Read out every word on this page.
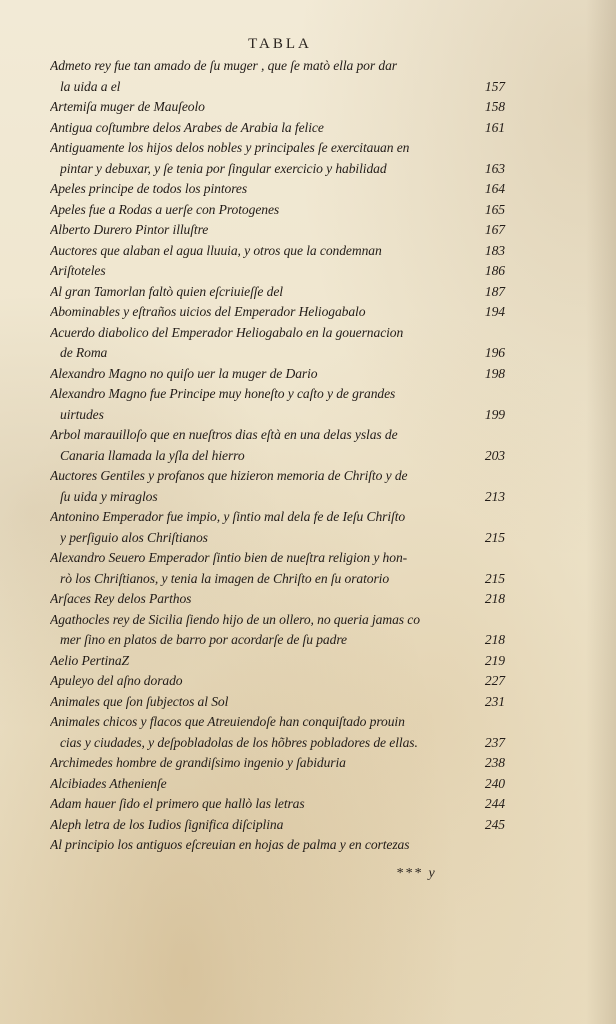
TABLA
Admeto rey fue tan amado de ſu muger , que ſe matò ella por dar
la uida a el	157
Artemiſa muger de Mauſeolo	158
Antigua coſtumbre delos Arabes de Arabia la felice	161
Antiguamente los hijos delos nobles y principales ſe exercitauan en
pintar y debuxar, y ſe tenia por ſingular exercicio y habilidad	163
Apeles principe de todos los pintores	164
Apeles fue a Rodas a uerſe con Protogenes	165
Alberto Durero Pintor illuſtre	167
Auctores que alaban el agua lluuia, y otros que la condemnan	183
Ariſtoteles	186
Al gran Tamorlan faltò quien eſcriuieſſe del	187
Abominables y eſtraños uicios del Emperador Heliogabalo	194
Acuerdo diabolico del Emperador Heliogabalo en la gouernacion
de Roma	196
Alexandro Magno no quiſo uer la muger de Dario	198
Alexandro Magno fue Principe muy honeſto y caſto y de grandes
uirtudes	199
Arbol marauilloſo que en nueſtros dias eſtà en una delas yslas de
Canaria llamada la yſla del hierro	203
Auctores Gentiles y profanos que hizieron memoria de Chriſto y de
ſu uida y miraglos	213
Antonino Emperador fue impio, y ſintio mal dela fe de Ieſu Chriſto
y perſiguio alos Chriſtianos	215
Alexandro Seuero Emperador ſintio bien de nueſtra religion y hon-
rò los Chriſtianos, y tenia la imagen de Chriſto en ſu oratorio	215
Arſaces Rey delos Parthos	218
Agathocles rey de Sicilia ſiendo hijo de un ollero, no queria jamas co
mer ſino en platos de barro por acordarſe de ſu padre	218
Aelio PertinaZ	219
Apuleyo del aſno dorado	227
Animales que ſon ſubjectos al Sol	231
Animales chicos y flacos que Atreuiendoſe han conquiſtado prouin
cias y ciudades, y deſpobladolas de los hõbres pobladores de ellas.	237
Archimedes hombre de grandiſsimo ingenio y ſabiduria	238
Alcibiades Athenienſe	240
Adam hauer ſido el primero que hallò las letras	244
Aleph letra de los Iudios ſignifica diſciplina	245
Al principio los antiguos eſcreuian en hojas de palma y en cortezas
*** y
